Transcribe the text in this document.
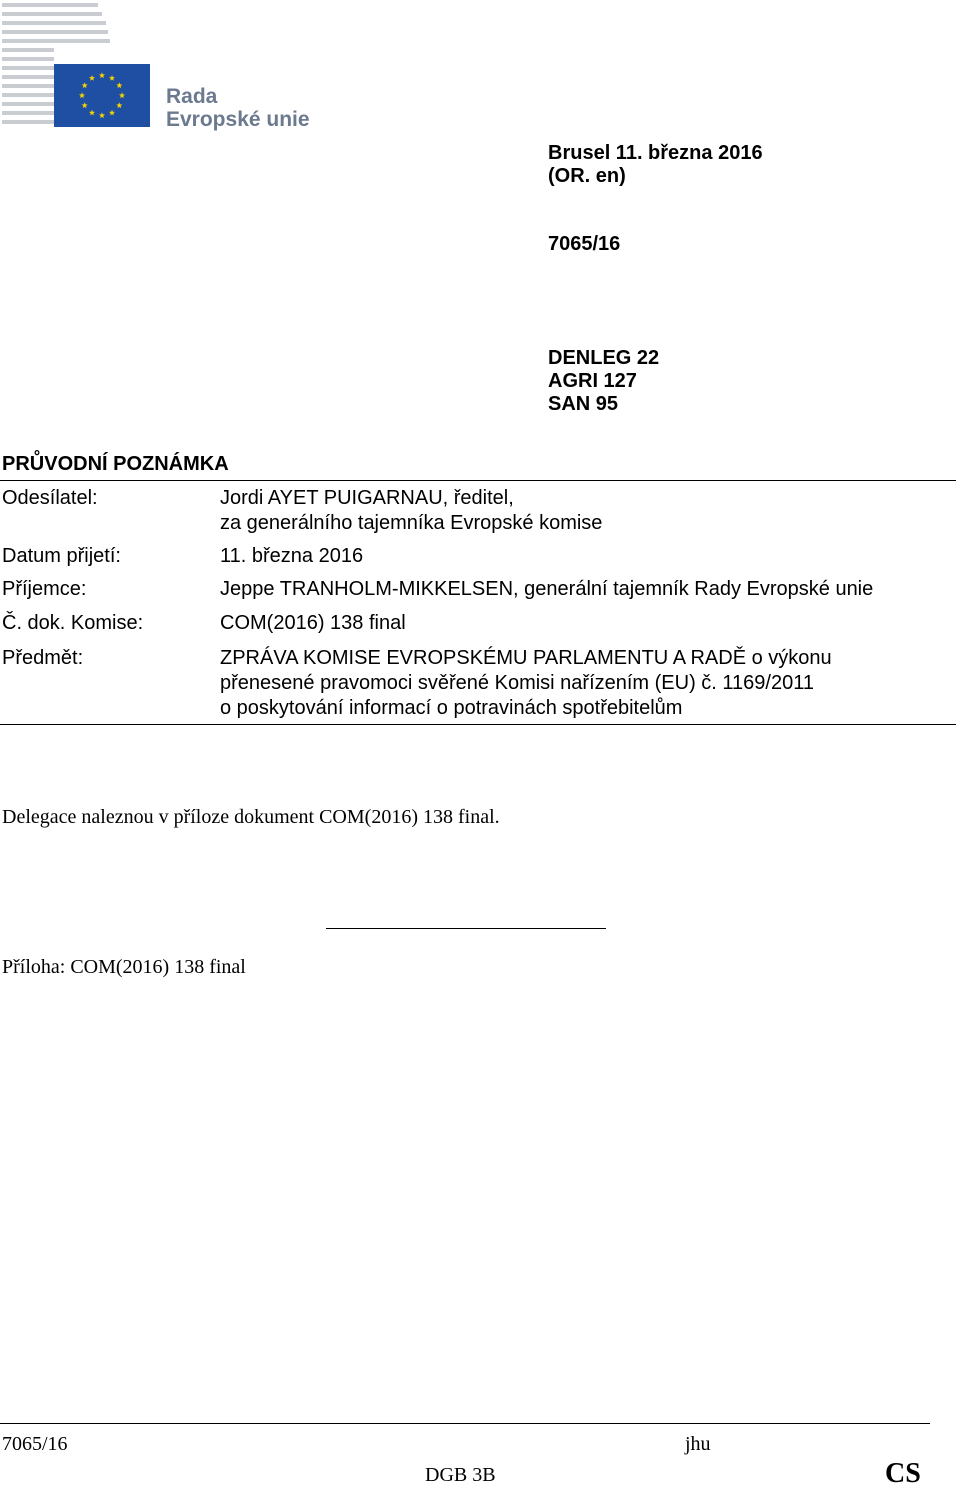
Rada
Evropské unie
Brusel 11. března 2016
(OR. en)
7065/16
DENLEG 22
AGRI 127
SAN 95
PRŮVODNÍ POZNÁMKA
Odesílatel:	Jordi AYET PUIGARNAU, ředitel,
za generálního tajemníka Evropské komise
Datum přijetí:	11. března 2016
Příjemce:	Jeppe TRANHOLM-MIKKELSEN, generální tajemník Rady Evropské unie
Č. dok. Komise:	COM(2016) 138 final
Předmět:	ZPRÁVA KOMISE EVROPSKÉMU PARLAMENTU A RADĚ o výkonu
přenesené pravomoci svěřené Komisi nařízením (EU) č. 1169/2011
o poskytování informací o potravinách spotřebitelům
Delegace naleznou v příloze dokument COM(2016) 138 final.
Příloha: COM(2016) 138 final
7065/16	jhu
DGB 3B	CS
